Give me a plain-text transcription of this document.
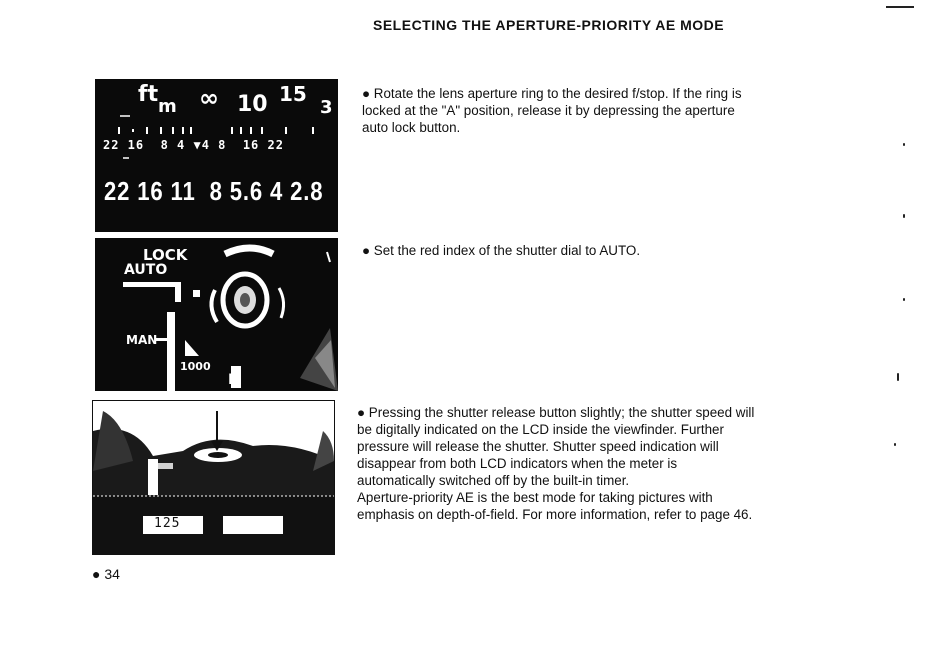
SELECTING THE APERTURE-PRIORITY AE MODE
ft m ∞ 10 15
3
22 16  8 4 ▼4 8  16 22
22 16 11  8 5.6 4 2.8
LOCK
AUTO
MAN
1000
B
125
● Rotate the lens aperture ring to the desired f/stop. If the ring is
locked at the "A" position, release it by depressing the aperture
auto lock button.
● Set the red index of the shutter dial to AUTO.
● Pressing the shutter release button slightly; the shutter speed will
be digitally indicated on the LCD inside the viewfinder. Further
pressure will release the shutter. Shutter speed indication will
disappear from both LCD indicators when the meter is
automatically switched off by the built-in timer.
Aperture-priority AE is the best mode for taking pictures with
emphasis on depth-of-field. For more information, refer to page 46.
● 34
